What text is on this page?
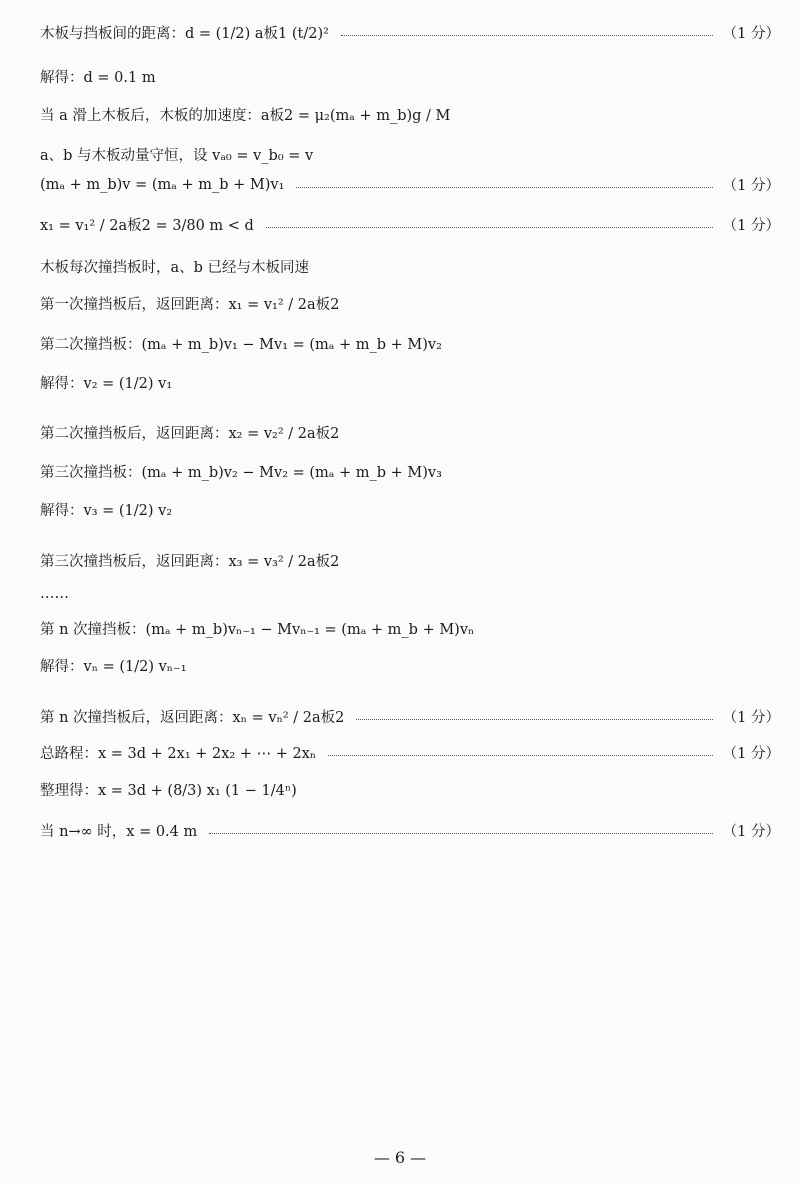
木板与挡板间的距离：d = (1/2) a板1 (t/2)²	（1 分）
解得：d = 0.1 m
当 a 滑上木板后，木板的加速度：a板2 = μ₂(mₐ + m_b)g / M
a、b 与木板动量守恒，设 vₐ₀ = v_b₀ = v
(mₐ + m_b)v = (mₐ + m_b + M)v₁	（1 分）
x₁ = v₁² / 2a板2 = 3/80 m < d	（1 分）
木板每次撞挡板时，a、b 已经与木板同速
第一次撞挡板后，返回距离：x₁ = v₁² / 2a板2
第二次撞挡板：(mₐ + m_b)v₁ − Mv₁ = (mₐ + m_b + M)v₂
解得：v₂ = (1/2) v₁
第二次撞挡板后，返回距离：x₂ = v₂² / 2a板2
第三次撞挡板：(mₐ + m_b)v₂ − Mv₂ = (mₐ + m_b + M)v₃
解得：v₃ = (1/2) v₂
第三次撞挡板后，返回距离：x₃ = v₃² / 2a板2
……
第 n 次撞挡板：(mₐ + m_b)vₙ₋₁ − Mvₙ₋₁ = (mₐ + m_b + M)vₙ
解得：vₙ = (1/2) vₙ₋₁
第 n 次撞挡板后，返回距离：xₙ = vₙ² / 2a板2	（1 分）
总路程：x = 3d + 2x₁ + 2x₂ + ⋯ + 2xₙ	（1 分）
整理得：x = 3d + (8/3) x₁ (1 − 1/4ⁿ)
当 n→∞ 时，x = 0.4 m	（1 分）
— 6 —
